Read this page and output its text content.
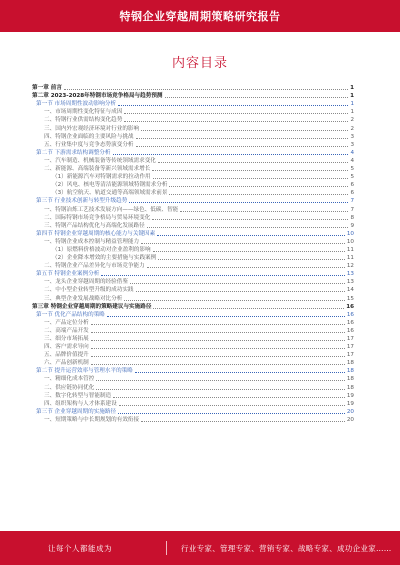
特钢企业穿越周期策略研究报告
内容目录
第一章 前言	1
第二章 2023-2028年特钢市场竞争格局与趋势预测	1
第一节 市场周期性波动影响分析	1
一、市场周期性变化特征与成因	1
二、特钢行业供需结构变化趋势	2
三、国内外宏观经济环境对行业的影响	2
四、特钢企业面临的主要风险与挑战	3
五、行业集中度与竞争态势演变分析	3
第二节 下游需求结构调整分析	4
一、汽车制造、机械装备等传统领域需求变化	4
二、新能源、高端装备等新兴领域需求增长	5
（1）新能源汽车对特钢需求的拉动作用	5
（2）风电、核电等清洁能源领域特钢需求分析	6
（3）航空航天、轨道交通等高端领域需求前景	6
第三节 行业技术创新与转型升级趋势	7
一、特钢冶炼工艺技术发展方向——绿色、低碳、智能	7
二、国际特钢市场竞争格局与贸易环境变化	8
三、特钢产品结构优化与高端化发展路径	9
第四节 特钢企业穿越周期的核心能力与关键因素	10
一、特钢企业成本控制与精益管理能力	10
（1）原燃料价格波动对企业盈利的影响	11
（2）企业降本增效的主要措施与实践案例	11
二、特钢企业产品差异化与市场竞争能力	12
第五节 特钢企业案例分析	13
一、龙头企业穿越周期的经验借鉴	13
二、中小型企业转型升级的成功实践	14
三、典型企业发展战略对比分析	15
第三章 特钢企业穿越周期的策略建议与实施路径	16
第一节 优化产品结构的策略	16
一、产品定位分析	16
二、高端产品开发	16
三、细分市场拓展	17
四、客户需求导向	17
五、品牌价值提升	17
六、产品创新机制	18
第二节 提升运营效率与管理水平的策略	18
一、精细化成本管控	18
二、供应链协同优化	18
三、数字化转型与智能制造	19
四、组织架构与人才体系建设	19
第三节 企业穿越周期的实施路径	20
一、短期策略与中长期规划的有效衔接	20
让每个人都能成为	行业专家、管理专家、营销专家、战略专家、成功企业家……
